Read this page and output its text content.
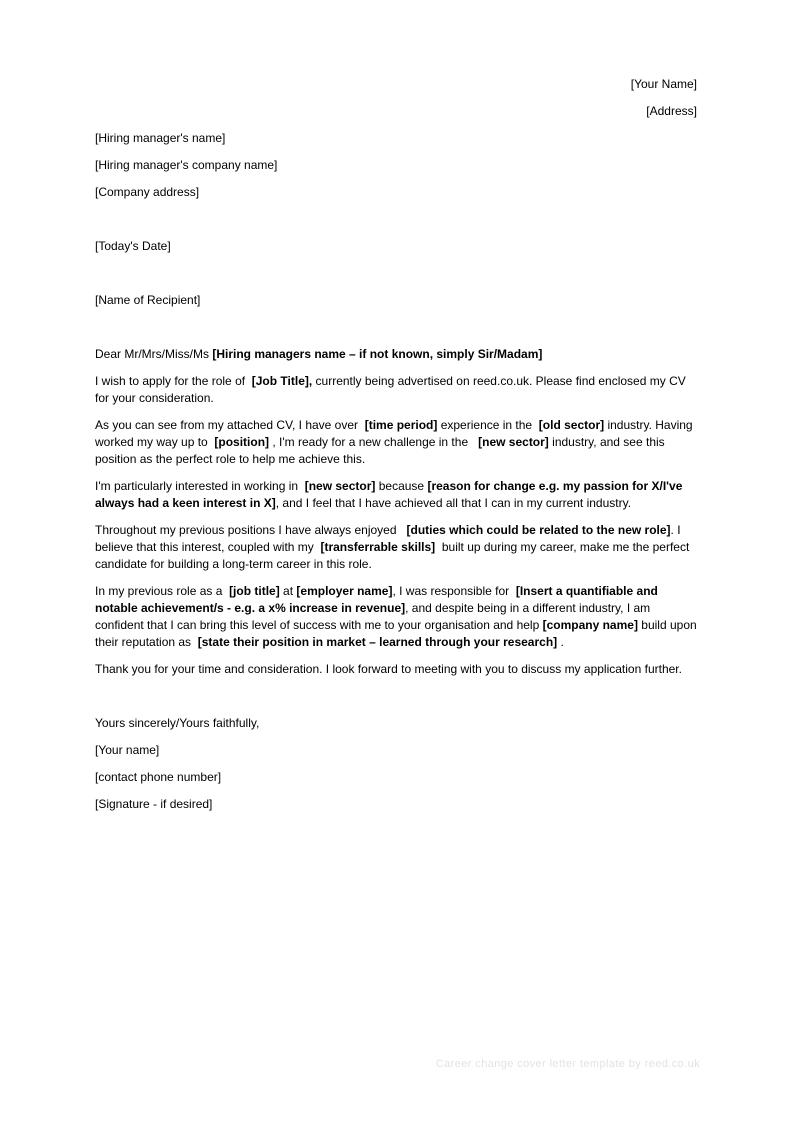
[Your Name]

[Address]

[Hiring manager's name]

[Hiring manager's company name]

[Company address]

[Today's Date]

[Name of Recipient]

Dear Mr/Mrs/Miss/Ms [Hiring managers name – if not known, simply Sir/Madam]

I wish to apply for the role of  [Job Title], currently being advertised on reed.co.uk. Please find enclosed my CV for your consideration.

As you can see from my attached CV, I have over  [time period] experience in the  [old sector] industry. Having worked my way up to  [position] , I'm ready for a new challenge in the   [new sector] industry, and see this position as the perfect role to help me achieve this.

I'm particularly interested in working in  [new sector] because [reason for change e.g. my passion for X/I've always had a keen interest in X], and I feel that I have achieved all that I can in my current industry.

Throughout my previous positions I have always enjoyed   [duties which could be related to the new role]. I believe that this interest, coupled with my  [transferrable skills]  built up during my career, make me the perfect candidate for building a long-term career in this role.

In my previous role as a  [job title] at [employer name], I was responsible for  [Insert a quantifiable and notable achievement/s - e.g. a x% increase in revenue], and despite being in a different industry, I am confident that I can bring this level of success with me to your organisation and help [company name] build upon their reputation as  [state their position in market – learned through your research] .

Thank you for your time and consideration. I look forward to meeting with you to discuss my application further.

Yours sincerely/Yours faithfully,

[Your name]

[contact phone number]

[Signature - if desired]

Career change cover letter template by reed.co.uk
